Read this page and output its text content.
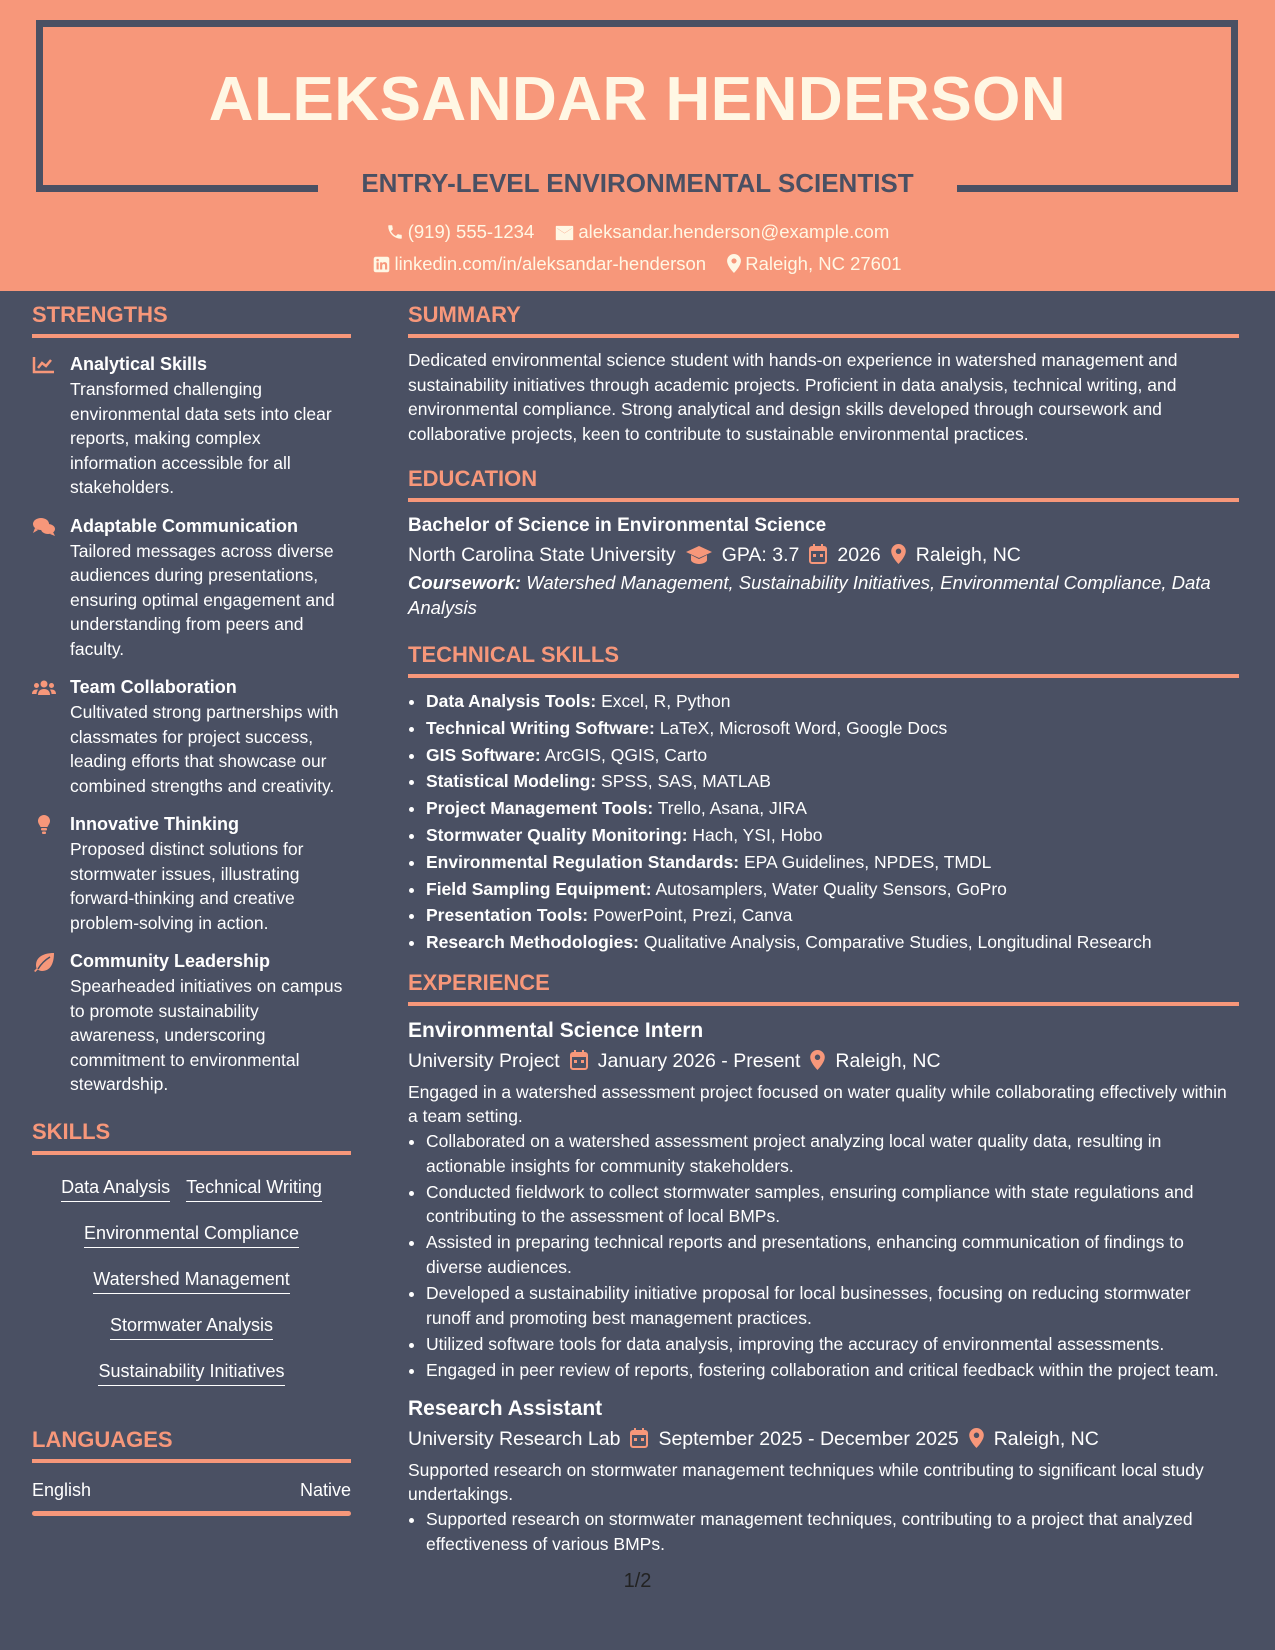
ALEKSANDAR HENDERSON
ENTRY-LEVEL ENVIRONMENTAL SCIENTIST
(919) 555-1234 aleksandar.henderson@example.com
linkedin.com/in/aleksandar-henderson Raleigh, NC 27601
STRENGTHS
Analytical Skills
Transformed challenging environmental data sets into clear reports, making complex information accessible for all stakeholders.
Adaptable Communication
Tailored messages across diverse audiences during presentations, ensuring optimal engagement and understanding from peers and faculty.
Team Collaboration
Cultivated strong partnerships with classmates for project success, leading efforts that showcase our combined strengths and creativity.
Innovative Thinking
Proposed distinct solutions for stormwater issues, illustrating forward-thinking and creative problem-solving in action.
Community Leadership
Spearheaded initiatives on campus to promote sustainability awareness, underscoring commitment to environmental stewardship.
SKILLS
Data Analysis Technical Writing
Environmental Compliance
Watershed Management
Stormwater Analysis
Sustainability Initiatives
LANGUAGES
English	Native
SUMMARY

Dedicated environmental science student with hands-on experience in watershed management and sustainability initiatives through academic projects. Proficient in data analysis, technical writing, and environmental compliance. Strong analytical and design skills developed through coursework and collaborative projects, keen to contribute to sustainable environmental practices.

EDUCATION
Bachelor of Science in Environmental Science
North Carolina State University GPA: 3.7 2026 Raleigh, NC
Coursework: Watershed Management, Sustainability Initiatives, Environmental Compliance, Data Analysis
TECHNICAL SKILLS
• Data Analysis Tools: Excel, R, Python
• Technical Writing Software: LaTeX, Microsoft Word, Google Docs
• GIS Software: ArcGIS, QGIS, Carto
• Statistical Modeling: SPSS, SAS, MATLAB
• Project Management Tools: Trello, Asana, JIRA
• Stormwater Quality Monitoring: Hach, YSI, Hobo
• Environmental Regulation Standards: EPA Guidelines, NPDES, TMDL
• Field Sampling Equipment: Autosamplers, Water Quality Sensors, GoPro
• Presentation Tools: PowerPoint, Prezi, Canva
• Research Methodologies: Qualitative Analysis, Comparative Studies, Longitudinal Research
EXPERIENCE
Environmental Science Intern
University Project January 2026 - Present Raleigh, NC

Engaged in a watershed assessment project focused on water quality while collaborating effectively within a team setting.

• Collaborated on a watershed assessment project analyzing local water quality data, resulting in actionable insights for community stakeholders.
• Conducted fieldwork to collect stormwater samples, ensuring compliance with state regulations and contributing to the assessment of local BMPs.
• Assisted in preparing technical reports and presentations, enhancing communication of findings to diverse audiences.
• Developed a sustainability initiative proposal for local businesses, focusing on reducing stormwater runoff and promoting best management practices.
• Utilized software tools for data analysis, improving the accuracy of environmental assessments.
• Engaged in peer review of reports, fostering collaboration and critical feedback within the project team.
Research Assistant
University Research Lab September 2025 - December 2025 Raleigh, NC

Supported research on stormwater management techniques while contributing to significant local study undertakings.

• Supported research on stormwater management techniques, contributing to a project that analyzed effectiveness of various BMPs.
1/2
